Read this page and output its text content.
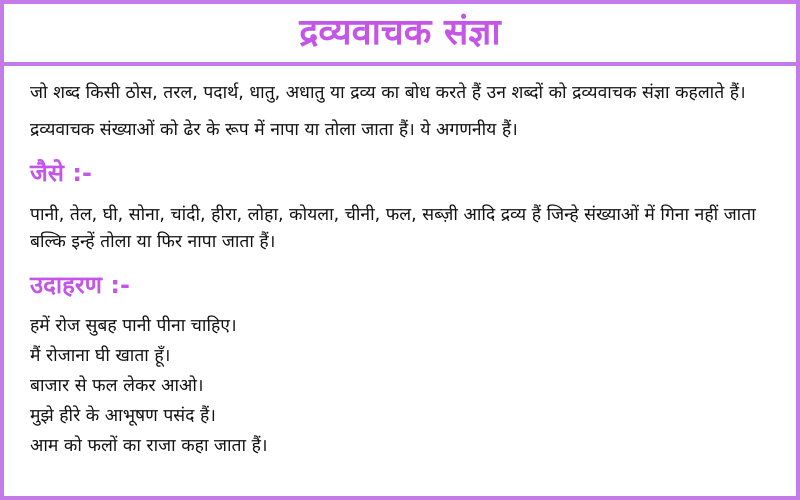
द्रव्यवाचक संज्ञा

जो शब्द किसी ठोस, तरल, पदार्थ, धातु, अधातु या द्रव्य का बोध करते हैं उन शब्दों को द्रव्यवाचक संज्ञा कहलाते हैं।

द्रव्यवाचक संख्याओं को ढेर के रूप में नापा या तोला जाता हैं। ये अगणनीय हैं।

जैसे :-

पानी, तेल, घी, सोना, चांदी, हीरा, लोहा, कोयला, चीनी, फल, सब्ज़ी आदि द्रव्य हैं जिन्हे संख्याओं में गिना नहीं जाता बल्कि इन्हें तोला या फिर नापा जाता हैं।

उदाहरण :-
हमें रोज सुबह पानी पीना चाहिए।
मैं रोजाना घी खाता हूँ।
बाजार से फल लेकर आओ।
मुझे हीरे के आभूषण पसंद हैं।
आम को फलों का राजा कहा जाता हैं।
